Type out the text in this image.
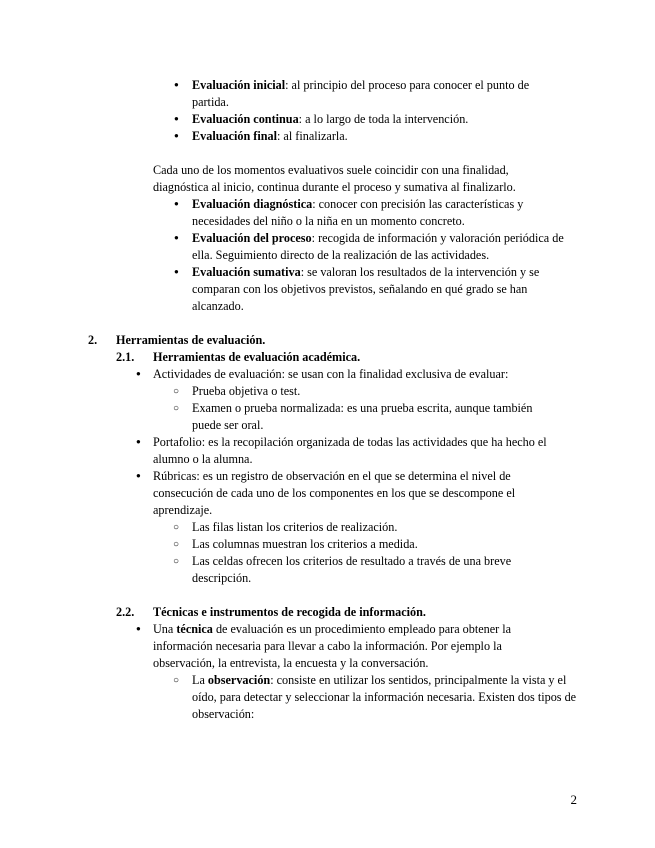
●
Evaluación inicial: al principio del proceso para conocer el punto de partida.
●
Evaluación continua: a lo largo de toda la intervención.
●
Evaluación final: al finalizarla.

Cada uno de los momentos evaluativos suele coincidir con una finalidad, diagnóstica al inicio, continua durante el proceso y sumativa al finalizarlo.

●
Evaluación diagnóstica: conocer con precisión las características y necesidades del niño o la niña en un momento concreto.
●
Evaluación del proceso: recogida de información y valoración periódica de ella. Seguimiento directo de la realización de las actividades.
●
Evaluación sumativa: se valoran los resultados de la intervención y se comparan con los objetivos previstos, señalando en qué grado se han alcanzado.
2. Herramientas de evaluación.
2.1. Herramientas de evaluación académica.
●
Actividades de evaluación: se usan con la finalidad exclusiva de evaluar:
○
Prueba objetiva o test.
○
Examen o prueba normalizada: es una prueba escrita, aunque también puede ser oral.
●
Portafolio: es la recopilación organizada de todas las actividades que ha hecho el alumno o la alumna.
●
Rúbricas: es un registro de observación en el que se determina el nivel de consecución de cada uno de los componentes en los que se descompone el aprendizaje.
○
Las filas listan los criterios de realización.
○
Las columnas muestran los criterios a medida.
○
Las celdas ofrecen los criterios de resultado a través de una breve descripción.
2.2. Técnicas e instrumentos de recogida de información.
●
Una técnica de evaluación es un procedimiento empleado para obtener la información necesaria para llevar a cabo la información. Por ejemplo la observación, la entrevista, la encuesta y la conversación.
○
La observación: consiste en utilizar los sentidos, principalmente la vista y el oído, para detectar y seleccionar la información necesaria. Existen dos tipos de observación:
2
